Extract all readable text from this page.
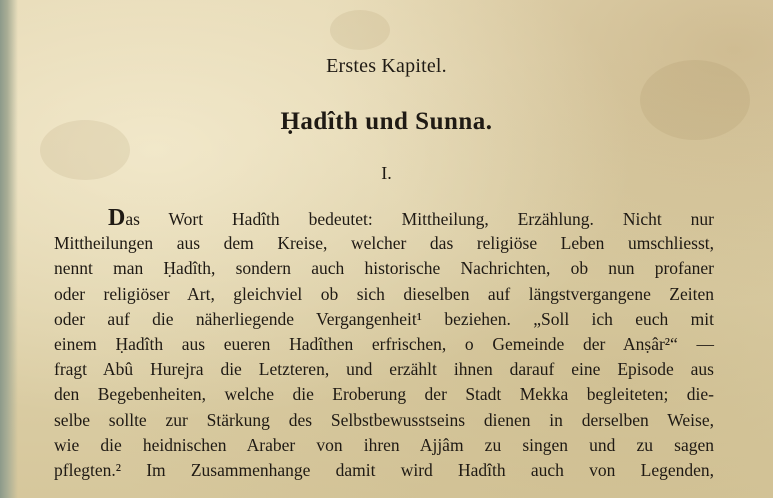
Erstes Kapitel.
Ḥadîth und Sunna.
I.
Das Wort Hadîth bedeutet: Mittheilung, Erzählung. Nicht nur
Mittheilungen aus dem Kreise, welcher das religiöse Leben umschliesst,
nennt man Ḥadîth, sondern auch historische Nachrichten, ob nun profaner
oder religiöser Art, gleichviel ob sich dieselben auf längstvergangene Zeiten
oder auf die näherliegende Vergangenheit¹ beziehen. „Soll ich euch mit
einem Ḥadîth aus eueren Hadîthen erfrischen, o Gemeinde der Anṣâr²“ —
fragt Abû Hurejra die Letzteren, und erzählt ihnen darauf eine Episode aus
den Begebenheiten, welche die Eroberung der Stadt Mekka begleiteten; die-
selbe sollte zur Stärkung des Selbstbewusstseins dienen in derselben Weise,
wie die heidnischen Araber von ihren Ajjâm zu singen und zu sagen
pflegten.² Im Zusammenhange damit wird Hadîth auch von Legenden,
